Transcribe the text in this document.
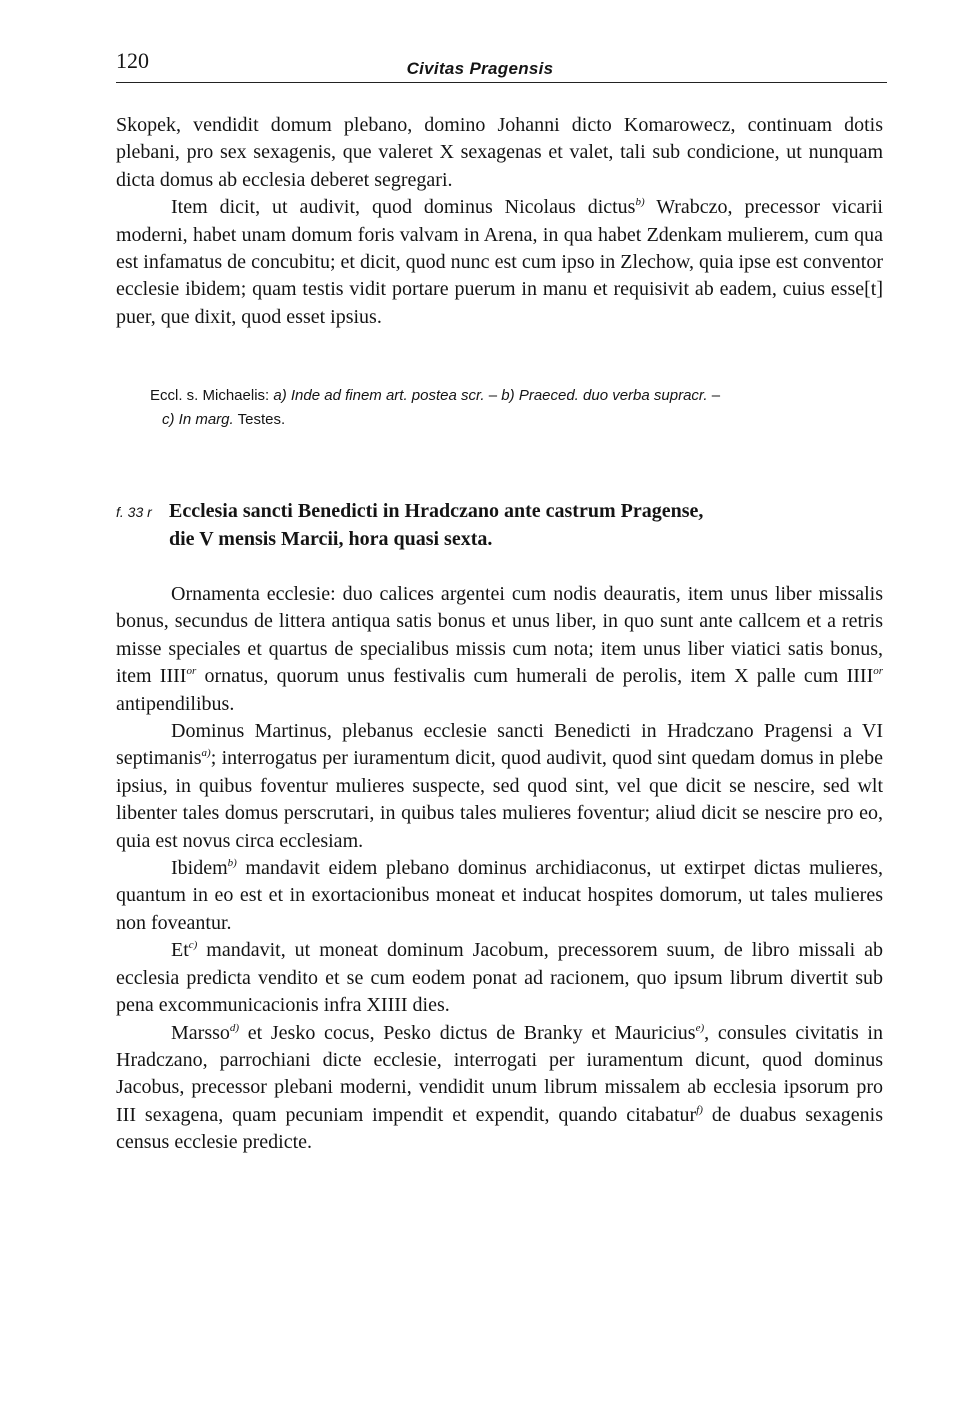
120	Civitas Pragensis

Skopek, vendidit domum plebano, domino Johanni dicto Komarowecz, continuam dotis plebani, pro sex sexagenis, que valeret X sexagenas et valet, tali sub condicione, ut nunquam dicta domus ab ecclesia deberet segregari.

Item dicit, ut audivit, quod dominus Nicolaus dictus$^{b)}$ Wrabczo, precessor vicarii moderni, habet unam domum foris valvam in Arena, in qua habet Zdenkam mulierem, cum qua est infamatus de concubitu; et dicit, quod nunc est cum ipso in Zlechow, quia ipse est conventor ecclesie ibidem; quam testis vidit portare puerum in manu et requisivit ab eadem, cuius esse[t] puer, que dixit, quod esset ipsius.

Eccl. s. Michaelis: a) Inde ad finem art. postea scr. – b) Praeced. duo verba supracr. –

c) In marg. Testes.

f. 33 r Ecclesia sancti Benedicti in Hradczano ante castrum Pragense,
die V mensis Marcii, hora quasi sexta.

Ornamenta ecclesie: duo calices argentei cum nodis deauratis, item unus liber missalis bonus, secundus de littera antiqua satis bonus et unus liber, in quo sunt ante callcem et a retris misse speciales et quartus de specialibus missis cum nota; item unus liber viatici satis bonus, item $IIII^{or}$ ornatus, quorum unus festivalis cum humerali de perolis, item X palle cum $IIII^{or}$ antipendilibus.

Dominus Martinus, plebanus ecclesie sancti Benedicti in Hradczano Pragensi a VI septimanis$^{a)}$; interrogatus per iuramentum dicit, quod audivit, quod sint quedam domus in plebe ipsius, in quibus foventur mulieres suspecte, sed quod sint, vel que dicit se nescire, sed wlt libenter tales domus perscrutari, in quibus tales mulieres foventur; aliud dicit se nescire pro eo, quia est novus circa ecclesiam.

Ibidem$^{b)}$ mandavit eidem plebano dominus archidiaconus, ut extirpet dictas mulieres, quantum in eo est et in exortacionibus moneat et inducat hospites domorum, ut tales mulieres non foveantur.

Et$^{c)}$ mandavit, ut moneat dominum Jacobum, precessorem suum, de libro missali ab ecclesia predicta vendito et se cum eodem ponat ad racionem, quo ipsum librum divertit sub pena excommunicacionis infra XIIII dies.

Marsso$^{d)}$ et Jesko cocus, Pesko dictus de Branky et Mauricius$^{e)}$, consules civitatis in Hradczano, parrochiani dicte ecclesie, interrogati per iuramentum dicunt, quod dominus Jacobus, precessor plebani moderni, vendidit unum librum missalem ab ecclesia ipsorum pro III sexagena, quam pecuniam impendit et expendit, quando citabatur$^{f)}$ de duabus sexagenis census ecclesie predicte.
